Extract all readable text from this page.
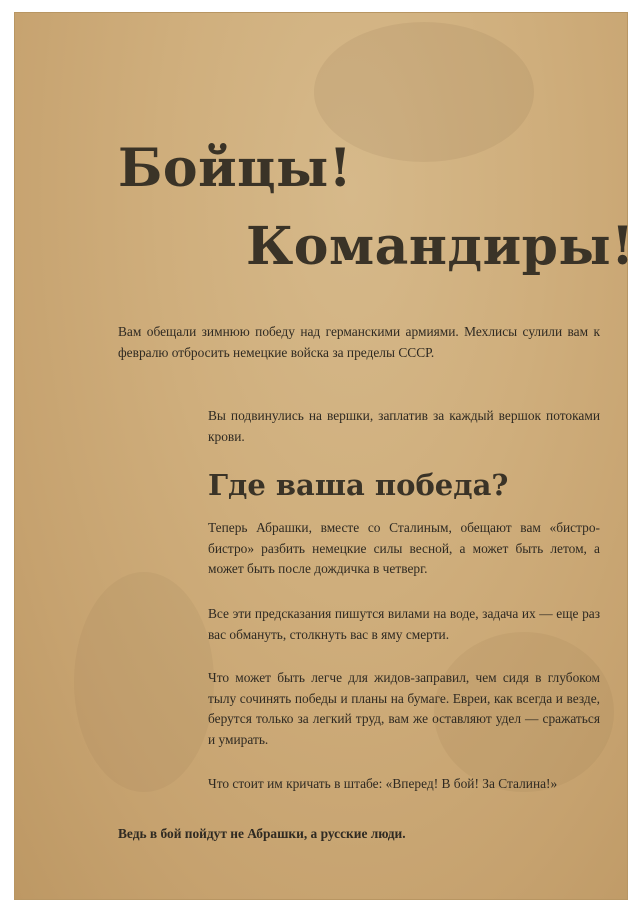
Бойцы!
Командиры!

Вам обещали зимнюю победу над германскими армиями. Мехлисы сулили вам к февралю отбросить немецкие войска за пределы СССР.

Вы подвинулись на вершки, заплатив за каждый вершок потоками крови.

Где ваша победа?

Теперь Абрашки, вместе со Сталиным, обещают вам «бистро-бистро» разбить немецкие силы весной, а может быть летом, а может быть после дождичка в четверг.

Все эти предсказания пишутся вилами на воде, задача их — еще раз вас обмануть, столкнуть вас в яму смерти.

Что может быть легче для жидов-заправил, чем сидя в глубоком тылу сочинять победы и планы на бумаге. Евреи, как всегда и везде, берутся только за легкий труд, вам же оставляют удел — сражаться и умирать.

Что стоит им кричать в штабе: «Вперед! В бой! За Сталина!»

Ведь в бой пойдут не Абрашки, а русские люди.
